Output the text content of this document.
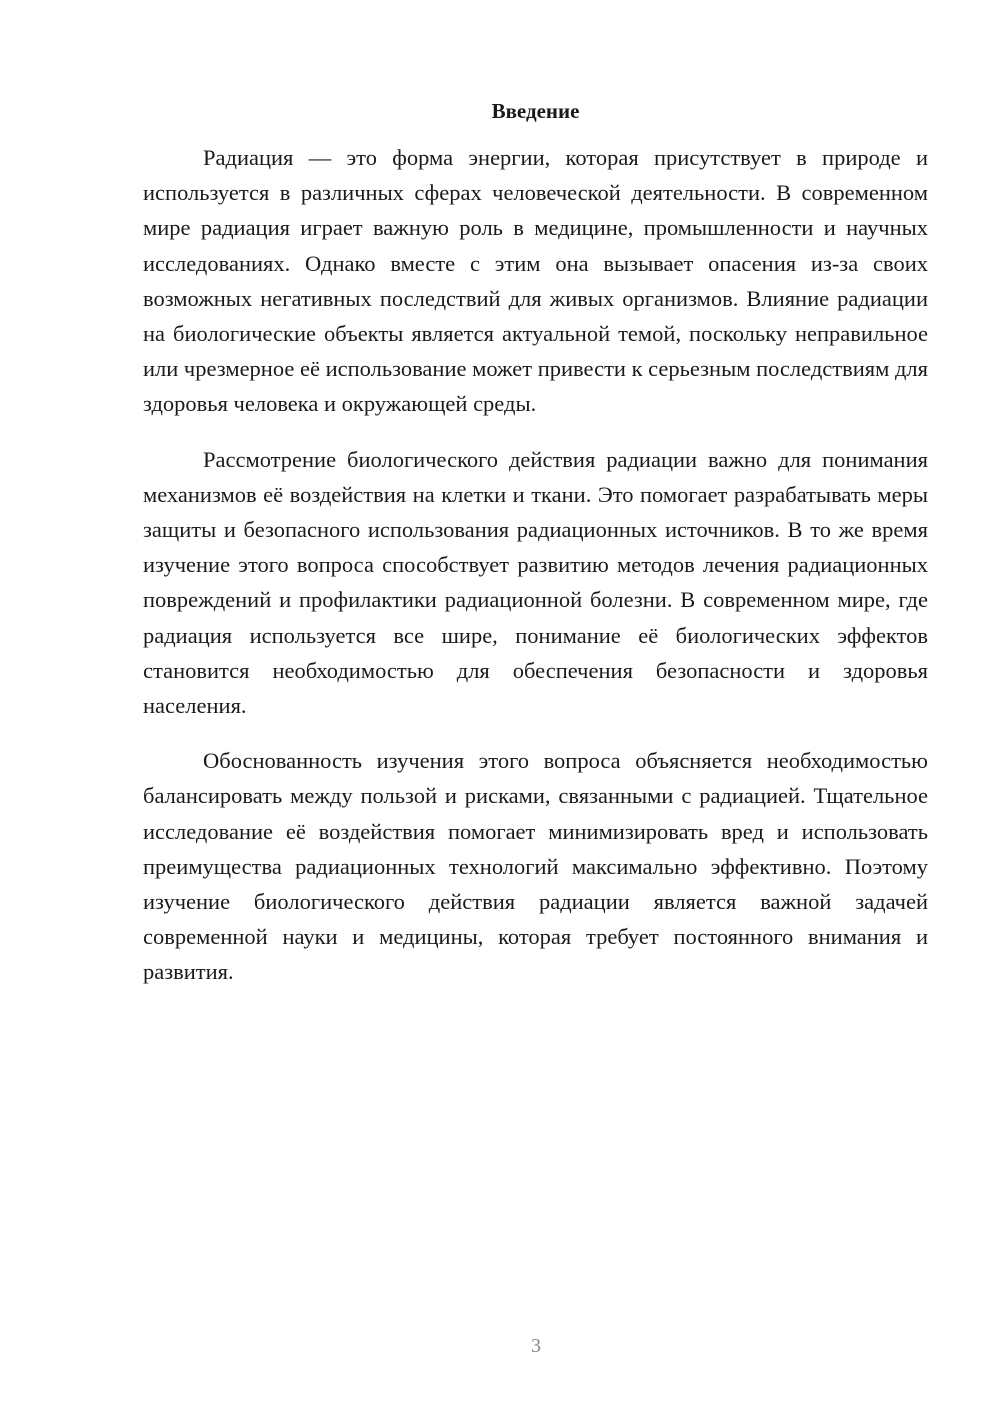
Введение

Радиация — это форма энергии, которая присутствует в природе и используется в различных сферах человеческой деятельности. В современном мире радиация играет важную роль в медицине, промышленности и научных исследованиях. Однако вместе с этим она вызывает опасения из-за своих возможных негативных последствий для живых организмов. Влияние радиации на биологические объекты является актуальной темой, поскольку неправильное или чрезмерное её использование может привести к серьезным последствиям для здоровья человека и окружающей среды.

Рассмотрение биологического действия радиации важно для понимания механизмов её воздействия на клетки и ткани. Это помогает разрабатывать меры защиты и безопасного использования радиационных источников. В то же время изучение этого вопроса способствует развитию методов лечения радиационных повреждений и профилактики радиационной болезни. В современном мире, где радиация используется все шире, понимание её биологических эффектов становится необходимостью для обеспечения безопасности и здоровья населения.

Обоснованность изучения этого вопроса объясняется необходимостью балансировать между пользой и рисками, связанными с радиацией. Тщательное исследование её воздействия помогает минимизировать вред и использовать преимущества радиационных технологий максимально эффективно. Поэтому изучение биологического действия радиации является важной задачей современной науки и медицины, которая требует постоянного внимания и развития.

3
